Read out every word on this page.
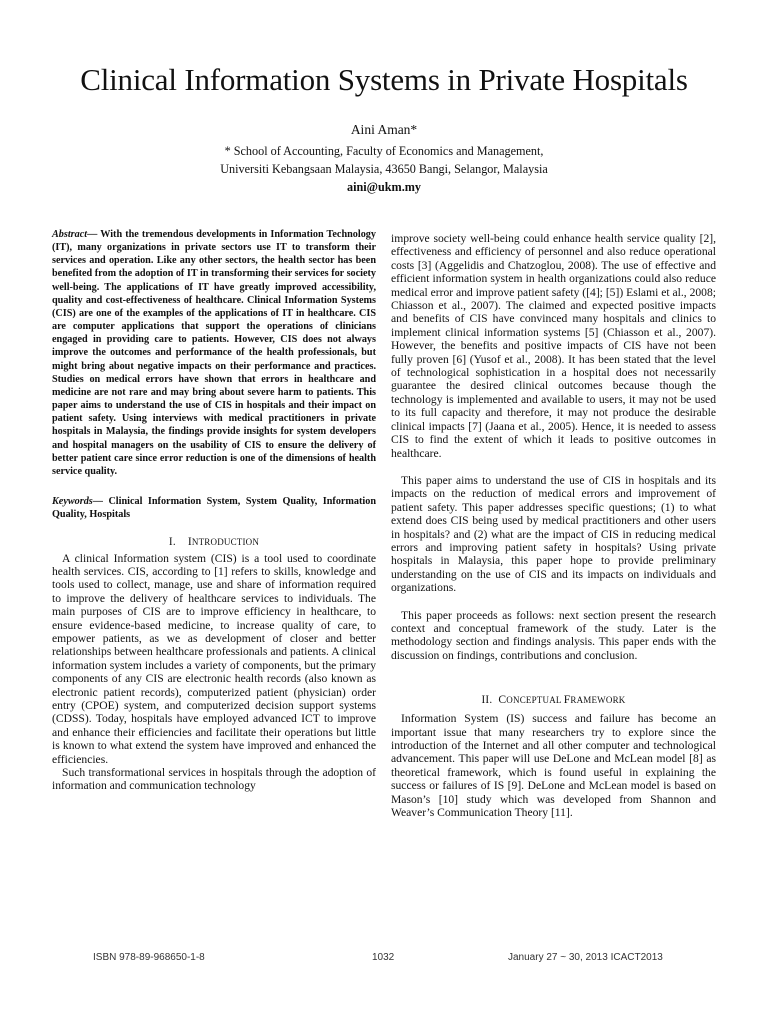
Clinical Information Systems in Private Hospitals
Aini Aman*
* School of Accounting, Faculty of Economics and Management,
Universiti Kebangsaan Malaysia, 43650 Bangi, Selangor, Malaysia
aini@ukm.my

Abstract— With the tremendous developments in Information Technology (IT), many organizations in private sectors use IT to transform their services and operation. Like any other sectors, the health sector has been benefited from the adoption of IT in transforming their services for society well-being. The applications of IT have greatly improved accessibility, quality and cost-effectiveness of healthcare. Clinical Information Systems (CIS) are one of the examples of the applications of IT in healthcare. CIS are computer applications that support the operations of clinicians engaged in providing care to patients. However, CIS does not always improve the outcomes and performance of the health professionals, but might bring about negative impacts on their performance and practices. Studies on medical errors have shown that errors in healthcare and medicine are not rare and may bring about severe harm to patients. This paper aims to understand the use of CIS in hospitals and their impact on patient safety. Using interviews with medical practitioners in private hospitals in Malaysia, the findings provide insights for system developers and hospital managers on the usability of CIS to ensure the delivery of better patient care since error reduction is one of the dimensions of health service quality.

Keywords— Clinical Information System, System Quality, Information Quality, Hospitals

I. INTRODUCTION

A clinical Information system (CIS) is a tool used to coordinate health services. CIS, according to [1] refers to skills, knowledge and tools used to collect, manage, use and share of information required to improve the delivery of healthcare services to individuals. The main purposes of CIS are to improve efficiency in healthcare, to ensure evidence-based medicine, to increase quality of care, to empower patients, as we as development of closer and better relationships between healthcare professionals and patients. A clinical information system includes a variety of components, but the primary components of any CIS are electronic health records (also known as electronic patient records), computerized patient (physician) order entry (CPOE) system, and computerized decision support systems (CDSS). Today, hospitals have employed advanced ICT to improve and enhance their efficiencies and facilitate their operations but little is known to what extend the system have improved and enhanced the efficiencies.

Such transformational services in hospitals through the adoption of information and communication technology

improve society well-being could enhance health service quality [2], effectiveness and efficiency of personnel and also reduce operational costs [3] (Aggelidis and Chatzoglou, 2008). The use of effective and efficient information system in health organizations could also reduce medical error and improve patient safety ([4]; [5]) Eslami et al., 2008; Chiasson et al., 2007). The claimed and expected positive impacts and benefits of CIS have convinced many hospitals and clinics to implement clinical information systems [5] (Chiasson et al., 2007). However, the benefits and positive impacts of CIS have not been fully proven [6] (Yusof et al., 2008). It has been stated that the level of technological sophistication in a hospital does not necessarily guarantee the desired clinical outcomes because though the technology is implemented and available to users, it may not be used to its full capacity and therefore, it may not produce the desirable clinical impacts [7] (Jaana et al., 2005). Hence, it is needed to assess CIS to find the extent of which it leads to positive outcomes in healthcare.

This paper aims to understand the use of CIS in hospitals and its impacts on the reduction of medical errors and improvement of patient safety. This paper addresses specific questions; (1) to what extend does CIS being used by medical practitioners and other users in hospitals? and (2) what are the impact of CIS in reducing medical errors and improving patient safety in hospitals? Using private hospitals in Malaysia, this paper hope to provide preliminary understanding on the use of CIS and its impacts on individuals and organizations.

This paper proceeds as follows: next section present the research context and conceptual framework of the study. Later is the methodology section and findings analysis. This paper ends with the discussion on findings, contributions and conclusion.

II. CONCEPTUAL FRAMEWORK

Information System (IS) success and failure has become an important issue that many researchers try to explore since the introduction of the Internet and all other computer and technological advancement. This paper will use DeLone and McLean model [8] as theoretical framework, which is found useful in explaining the success or failures of IS [9]. DeLone and McLean model is based on Mason’s [10] study which was developed from Shannon and Weaver’s Communication Theory [11].

ISBN 978-89-968650-1-8	1032	January 27 ~ 30, 2013 ICACT2013
